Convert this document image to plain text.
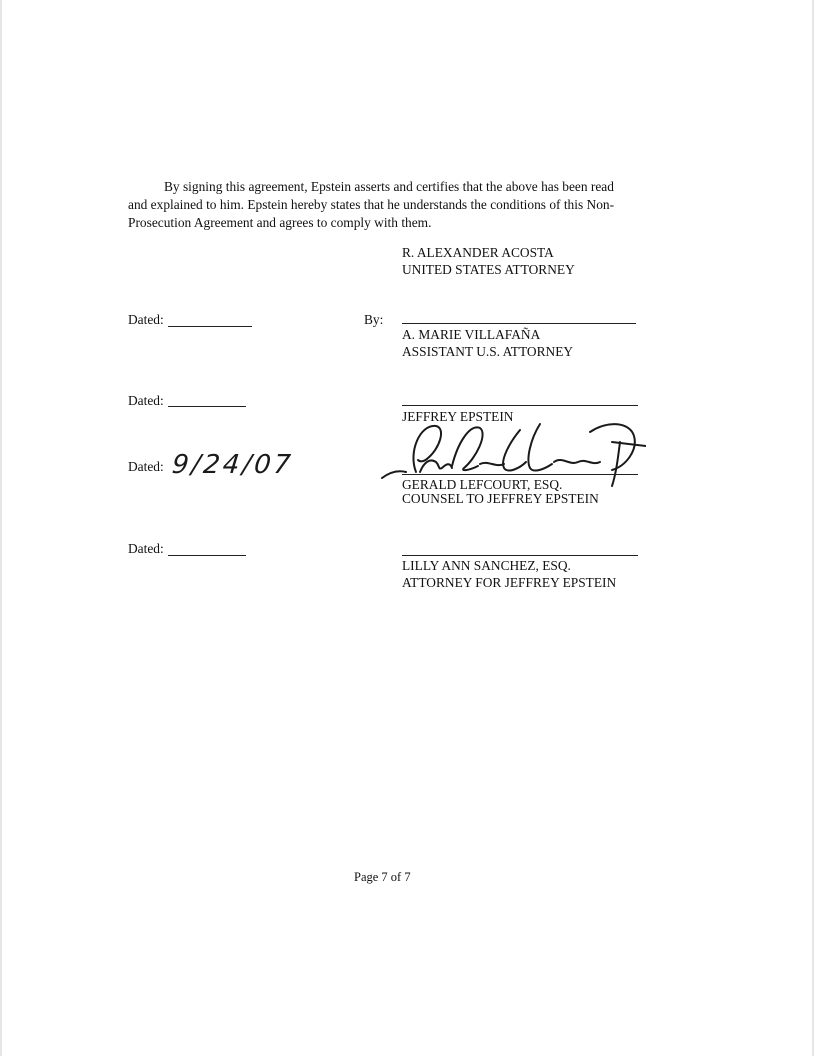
By signing this agreement, Epstein asserts and certifies that the above has been read
and explained to him. Epstein hereby states that he understands the conditions of this Non-
Prosecution Agreement and agrees to comply with them.
R. ALEXANDER ACOSTA
UNITED STATES ATTORNEY
Dated:	By:
A. MARIE VILLAFAÑA
ASSISTANT U.S. ATTORNEY
Dated:
JEFFREY EPSTEIN
Dated: 9/24/07
GERALD LEFCOURT, ESQ.
COUNSEL TO JEFFREY EPSTEIN
Dated:
LILLY ANN SANCHEZ, ESQ.
ATTORNEY FOR JEFFREY EPSTEIN
Page 7 of 7
